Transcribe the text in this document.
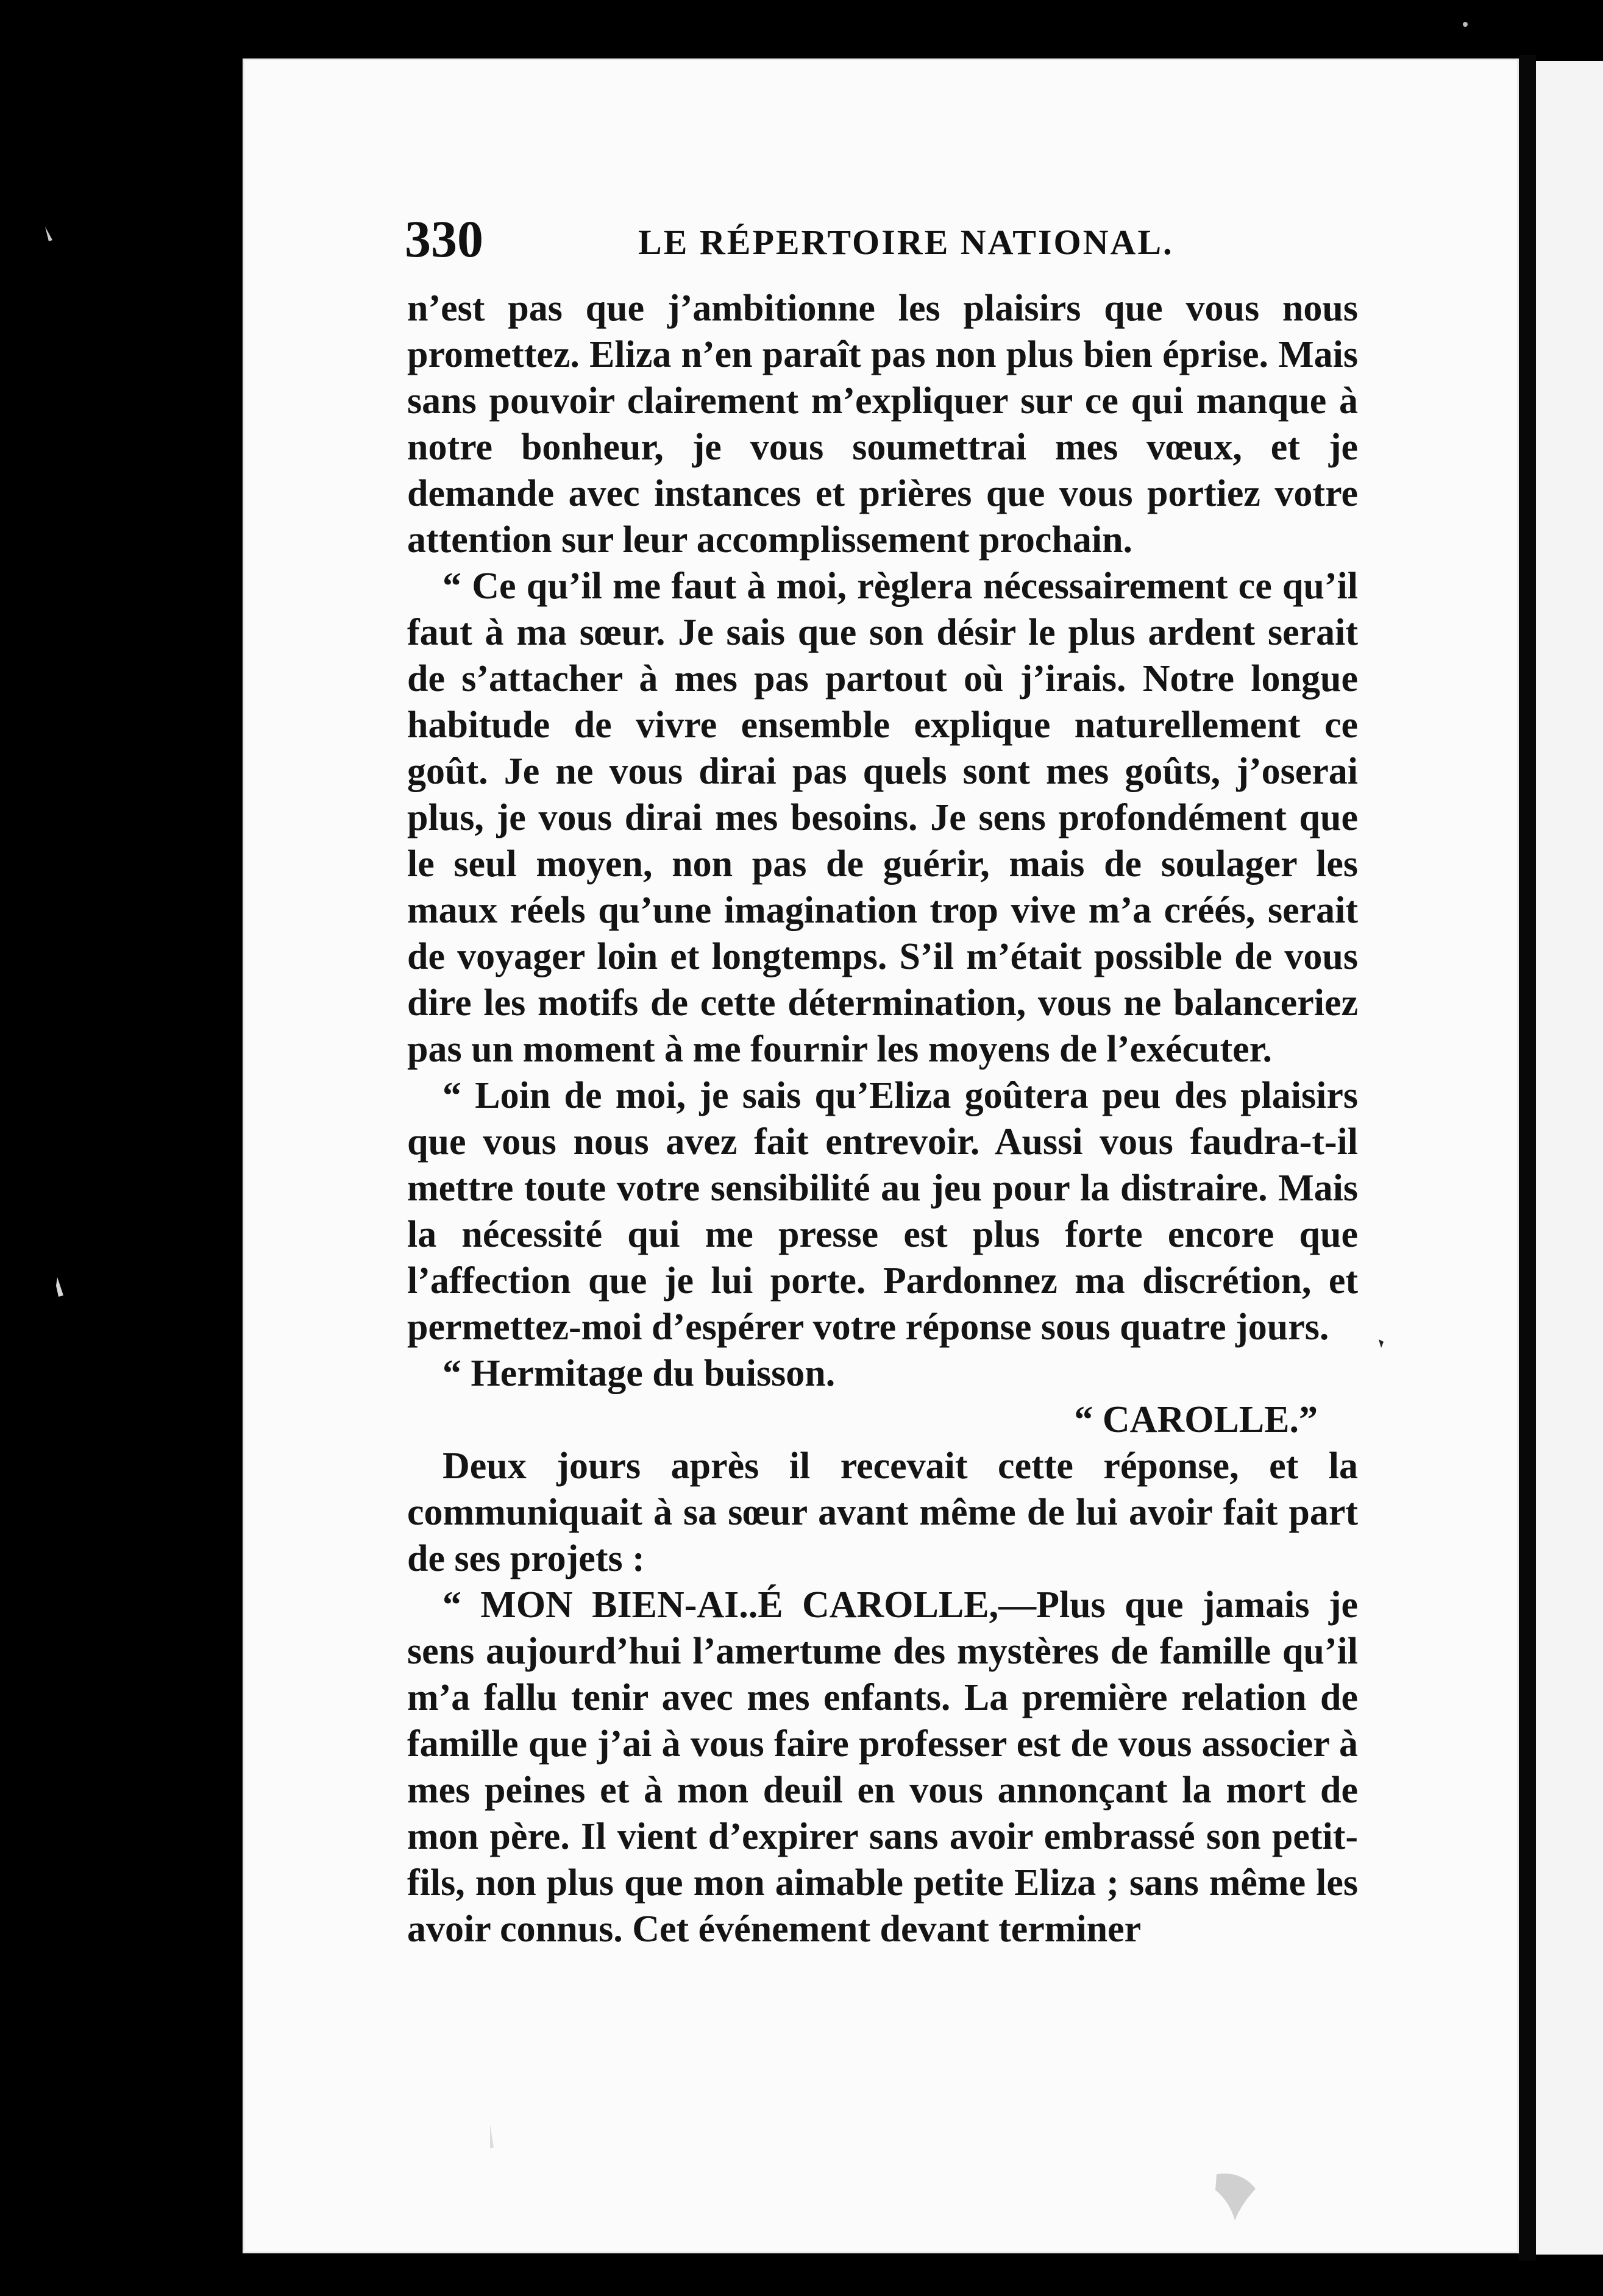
330	LE RÉPERTOIRE NATIONAL.

n’est pas que j’ambitionne les plaisirs que vous nous promettez. Eliza n’en paraît pas non plus bien éprise. Mais sans pouvoir clairement m’expliquer sur ce qui manque à notre bonheur, je vous soumettrai mes vœux, et je demande avec instances et prières que vous portiez votre attention sur leur accomplissement prochain.

“ Ce qu’il me faut à moi, règlera nécessairement ce qu’il faut à ma sœur. Je sais que son désir le plus ardent serait de s’attacher à mes pas partout où j’irais. Notre longue habitude de vivre ensemble explique naturellement ce goût. Je ne vous dirai pas quels sont mes goûts, j’oserai plus, je vous dirai mes besoins. Je sens profondément que le seul moyen, non pas de guérir, mais de soulager les maux réels qu’une imagination trop vive m’a créés, serait de voyager loin et longtemps. S’il m’était possible de vous dire les motifs de cette détermination, vous ne balanceriez pas un moment à me fournir les moyens de l’exécuter.

“ Loin de moi, je sais qu’Eliza goûtera peu des plaisirs que vous nous avez fait entrevoir. Aussi vous faudra-t-il mettre toute votre sensibilité au jeu pour la distraire. Mais la nécessité qui me presse est plus forte encore que l’affection que je lui porte. Pardonnez ma discrétion, et permettez-moi d’espérer votre réponse sous quatre jours.

“ Hermitage du buisson.

“ CAROLLE.”

Deux jours après il recevait cette réponse, et la communiquait à sa sœur avant même de lui avoir fait part de ses projets :

“ MON BIEN-AI..É CAROLLE,—Plus que jamais je sens aujourd’hui l’amertume des mystères de famille qu’il m’a fallu tenir avec mes enfants. La première relation de famille que j’ai à vous faire professer est de vous associer à mes peines et à mon deuil en vous annonçant la mort de mon père. Il vient d’expirer sans avoir embrassé son petit-fils, non plus que mon aimable petite Eliza ; sans même les avoir connus. Cet événement devant terminer
